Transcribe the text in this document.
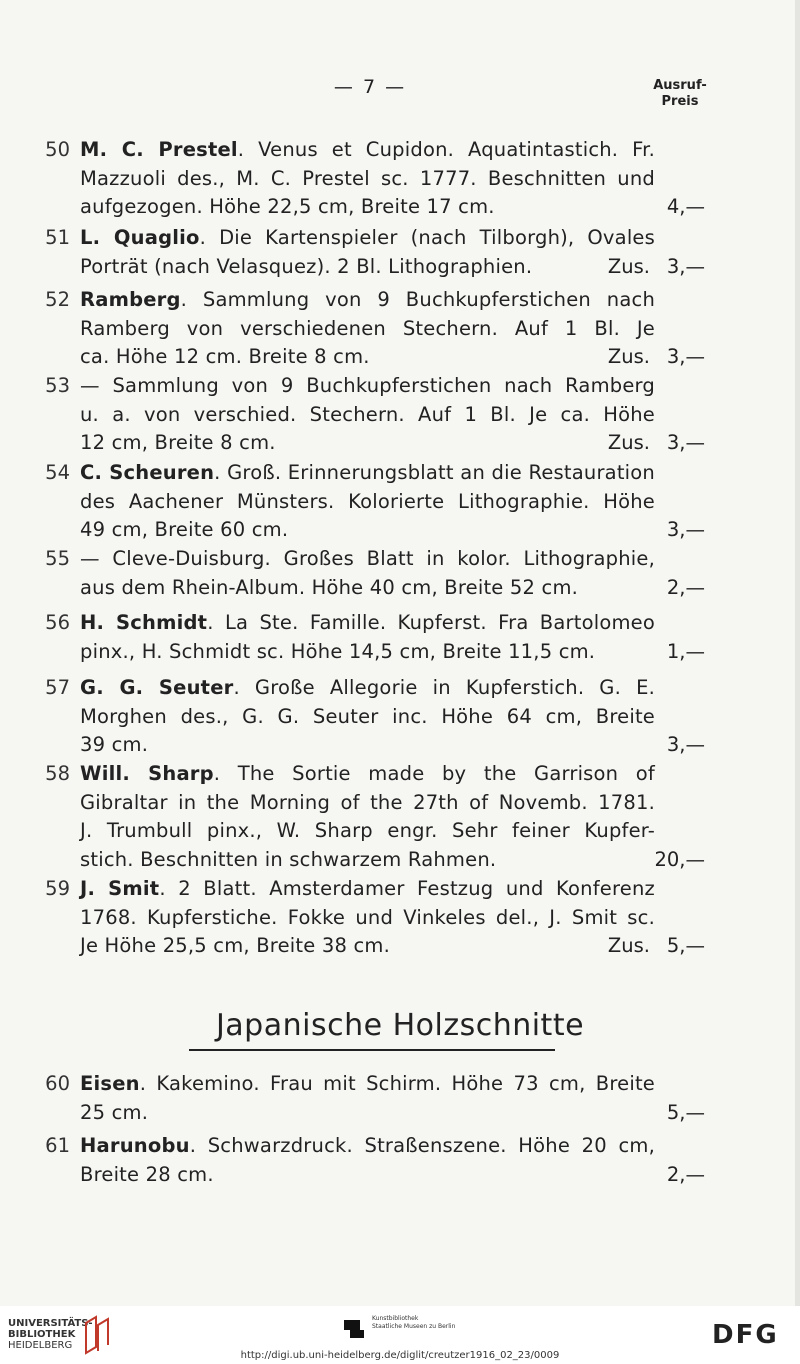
— 7 —	Ausruf-
Preis
50 M. C. Prestel. Venus et Cupidon. Aquatintastich. Fr.
Mazzuoli des., M. C. Prestel sc. 1777. Beschnitten und
aufgezogen. Höhe 22,5 cm, Breite 17 cm.	4,—
51 L. Quaglio. Die Kartenspieler (nach Tilborgh), Ovales
Porträt (nach Velasquez). 2 Bl. Lithographien.	Zus. 3,—
52 Ramberg. Sammlung von 9 Buchkupferstichen nach
Ramberg von verschiedenen Stechern. Auf 1 Bl. Je
ca. Höhe 12 cm. Breite 8 cm.	Zus. 3,—
53 — Sammlung von 9 Buchkupferstichen nach Ramberg
u. a. von verschied. Stechern. Auf 1 Bl. Je ca. Höhe
12 cm, Breite 8 cm.	Zus. 3,—
54 C. Scheuren. Groß. Erinnerungsblatt an die Restauration
des Aachener Münsters. Kolorierte Lithographie. Höhe
49 cm, Breite 60 cm.	3,—
55 — Cleve-Duisburg. Großes Blatt in kolor. Lithographie,
aus dem Rhein-Album. Höhe 40 cm, Breite 52 cm.	2,—
56 H. Schmidt. La Ste. Famille. Kupferst. Fra Bartolomeo
pinx., H. Schmidt sc. Höhe 14,5 cm, Breite 11,5 cm.	1,—
57 G. G. Seuter. Große Allegorie in Kupferstich. G. E.
Morghen des., G. G. Seuter inc. Höhe 64 cm, Breite
39 cm.	3,—
58 Will. Sharp. The Sortie made by the Garrison of
Gibraltar in the Morning of the 27th of Novemb. 1781.
J. Trumbull pinx., W. Sharp engr. Sehr feiner Kupfer-
stich. Beschnitten in schwarzem Rahmen.	20,—
59 J. Smit. 2 Blatt. Amsterdamer Festzug und Konferenz
1768. Kupferstiche. Fokke und Vinkeles del., J. Smit sc.
Je Höhe 25,5 cm, Breite 38 cm.	Zus. 5,—
60 Eisen. Kakemino. Frau mit Schirm. Höhe 73 cm, Breite
25 cm.	5,—
61 Harunobu. Schwarzdruck. Straßenszene. Höhe 20 cm,
Breite 28 cm.	2,—
Japanische Holzschnitte
UNIVERSITÄTS-
BIBLIOTHEK
HEIDELBERG
Kunstbibliothek
Staatliche Museen zu Berlin	DFG
http://digi.ub.uni-heidelberg.de/diglit/creutzer1916_02_23/0009
